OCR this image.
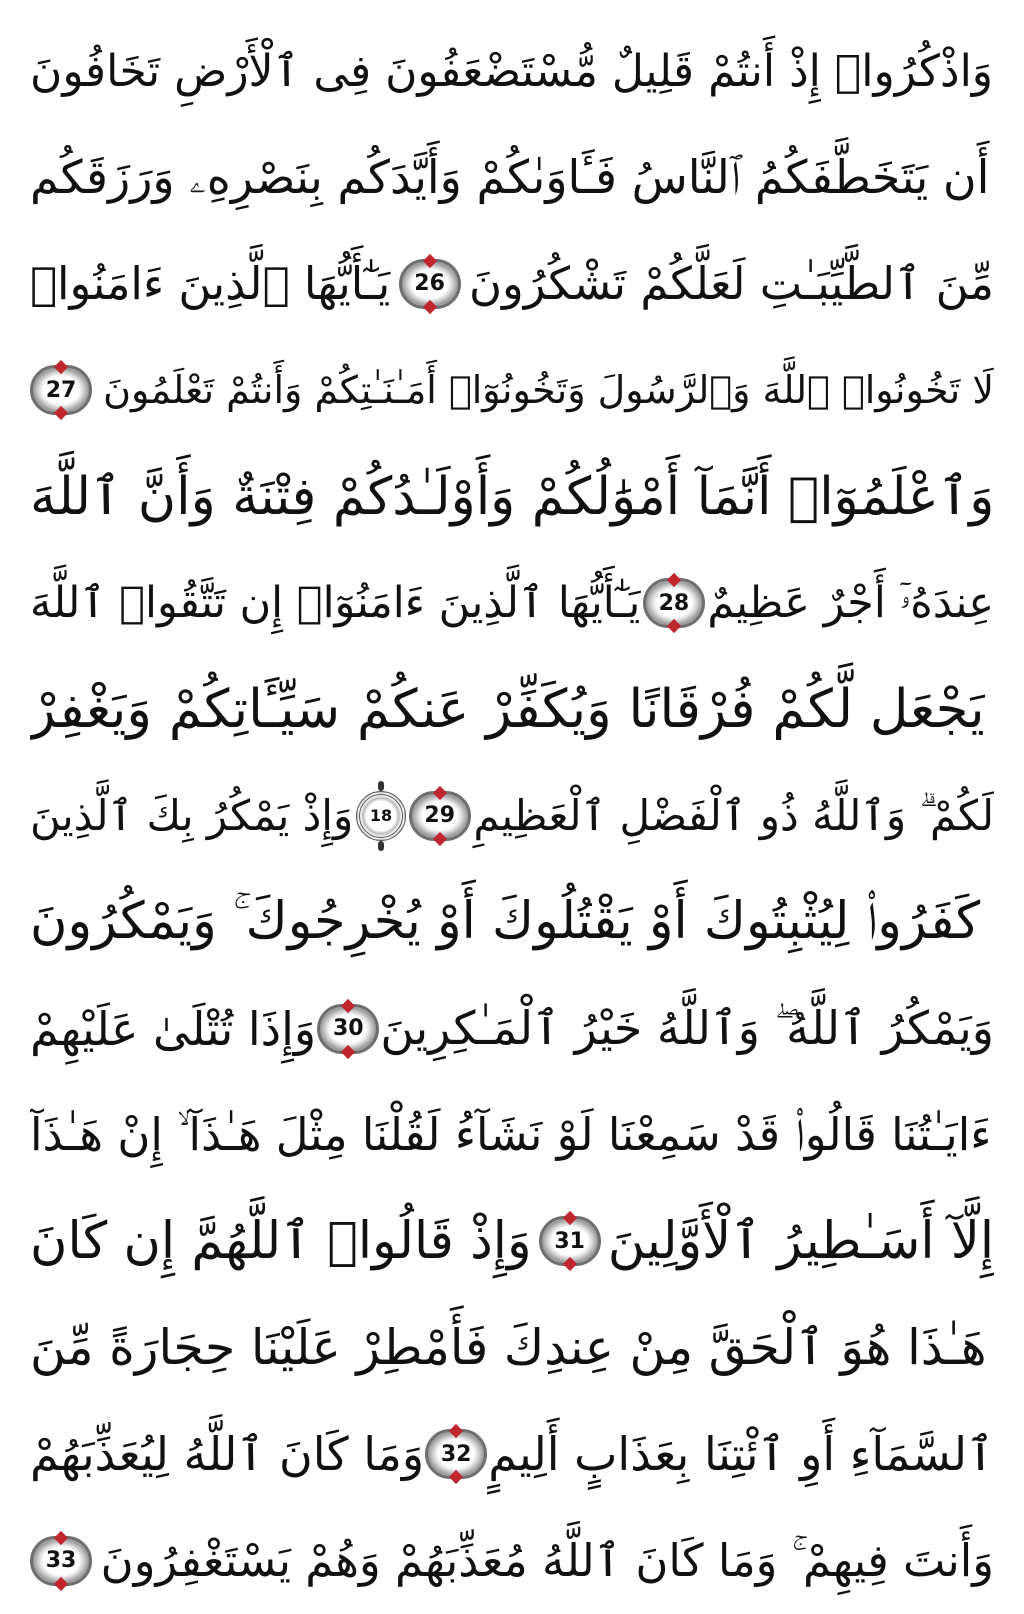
وَاذْكُرُوا۟ إِذْ أَنتُمْ قَلِيلٌ مُّسْتَضْعَفُونَ فِى ٱلْأَرْضِ تَخَافُونَ
أَن يَتَخَطَّفَكُمُ ٱلنَّاسُ فَـَٔاوَىٰكُمْ وَأَيَّدَكُم بِنَصْرِهِۦ وَرَزَقَكُم
يَـٰٓأَيُّهَا ٱلَّذِينَ ءَامَنُوا۟ 26 مِّنَ ٱلطَّيِّبَـٰتِ لَعَلَّكُمْ تَشْكُرُونَ
27 لَا تَخُونُوا۟ ٱللَّهَ وَٱلرَّسُولَ وَتَخُونُوٓا۟ أَمَـٰنَـٰتِكُمْ وَأَنتُمْ تَعْلَمُونَ
وَٱعْلَمُوٓا۟ أَنَّمَآ أَمْوَٰلُكُمْ وَأَوْلَـٰدُكُمْ فِتْنَةٌ وَأَنَّ ٱللَّهَ
يَـٰٓأَيُّهَا ٱلَّذِينَ ءَامَنُوٓا۟ إِن تَتَّقُوا۟ ٱللَّهَ 28 عِندَهُۥٓ أَجْرٌ عَظِيمٌ
يَجْعَل لَّكُمْ فُرْقَانًا وَيُكَفِّرْ عَنكُمْ سَيِّـَٔاتِكُمْ وَيَغْفِرْ
وَإِذْ يَمْكُرُ بِكَ ٱلَّذِينَ 18 29 لَكُمْ ۗ وَٱللَّهُ ذُو ٱلْفَضْلِ ٱلْعَظِيمِ
كَفَرُوا۟ لِيُثْبِتُوكَ أَوْ يَقْتُلُوكَ أَوْ يُخْرِجُوكَ ۚ وَيَمْكُرُونَ
وَإِذَا تُتْلَىٰ عَلَيْهِمْ 30 وَيَمْكُرُ ٱللَّهُ ۖ وَٱللَّهُ خَيْرُ ٱلْمَـٰكِرِينَ
ءَايَـٰتُنَا قَالُوا۟ قَدْ سَمِعْنَا لَوْ نَشَآءُ لَقُلْنَا مِثْلَ هَـٰذَآ ۙ إِنْ هَـٰذَآ
وَإِذْ قَالُوا۟ ٱللَّهُمَّ إِن كَانَ 31 إِلَّآ أَسَـٰطِيرُ ٱلْأَوَّلِينَ
هَـٰذَا هُوَ ٱلْحَقَّ مِنْ عِندِكَ فَأَمْطِرْ عَلَيْنَا حِجَارَةً مِّنَ
وَمَا كَانَ ٱللَّهُ لِيُعَذِّبَهُمْ 32 ٱلسَّمَآءِ أَوِ ٱئْتِنَا بِعَذَابٍ أَلِيمٍ
33 وَأَنتَ فِيهِمْ ۚ وَمَا كَانَ ٱللَّهُ مُعَذِّبَهُمْ وَهُمْ يَسْتَغْفِرُونَ
